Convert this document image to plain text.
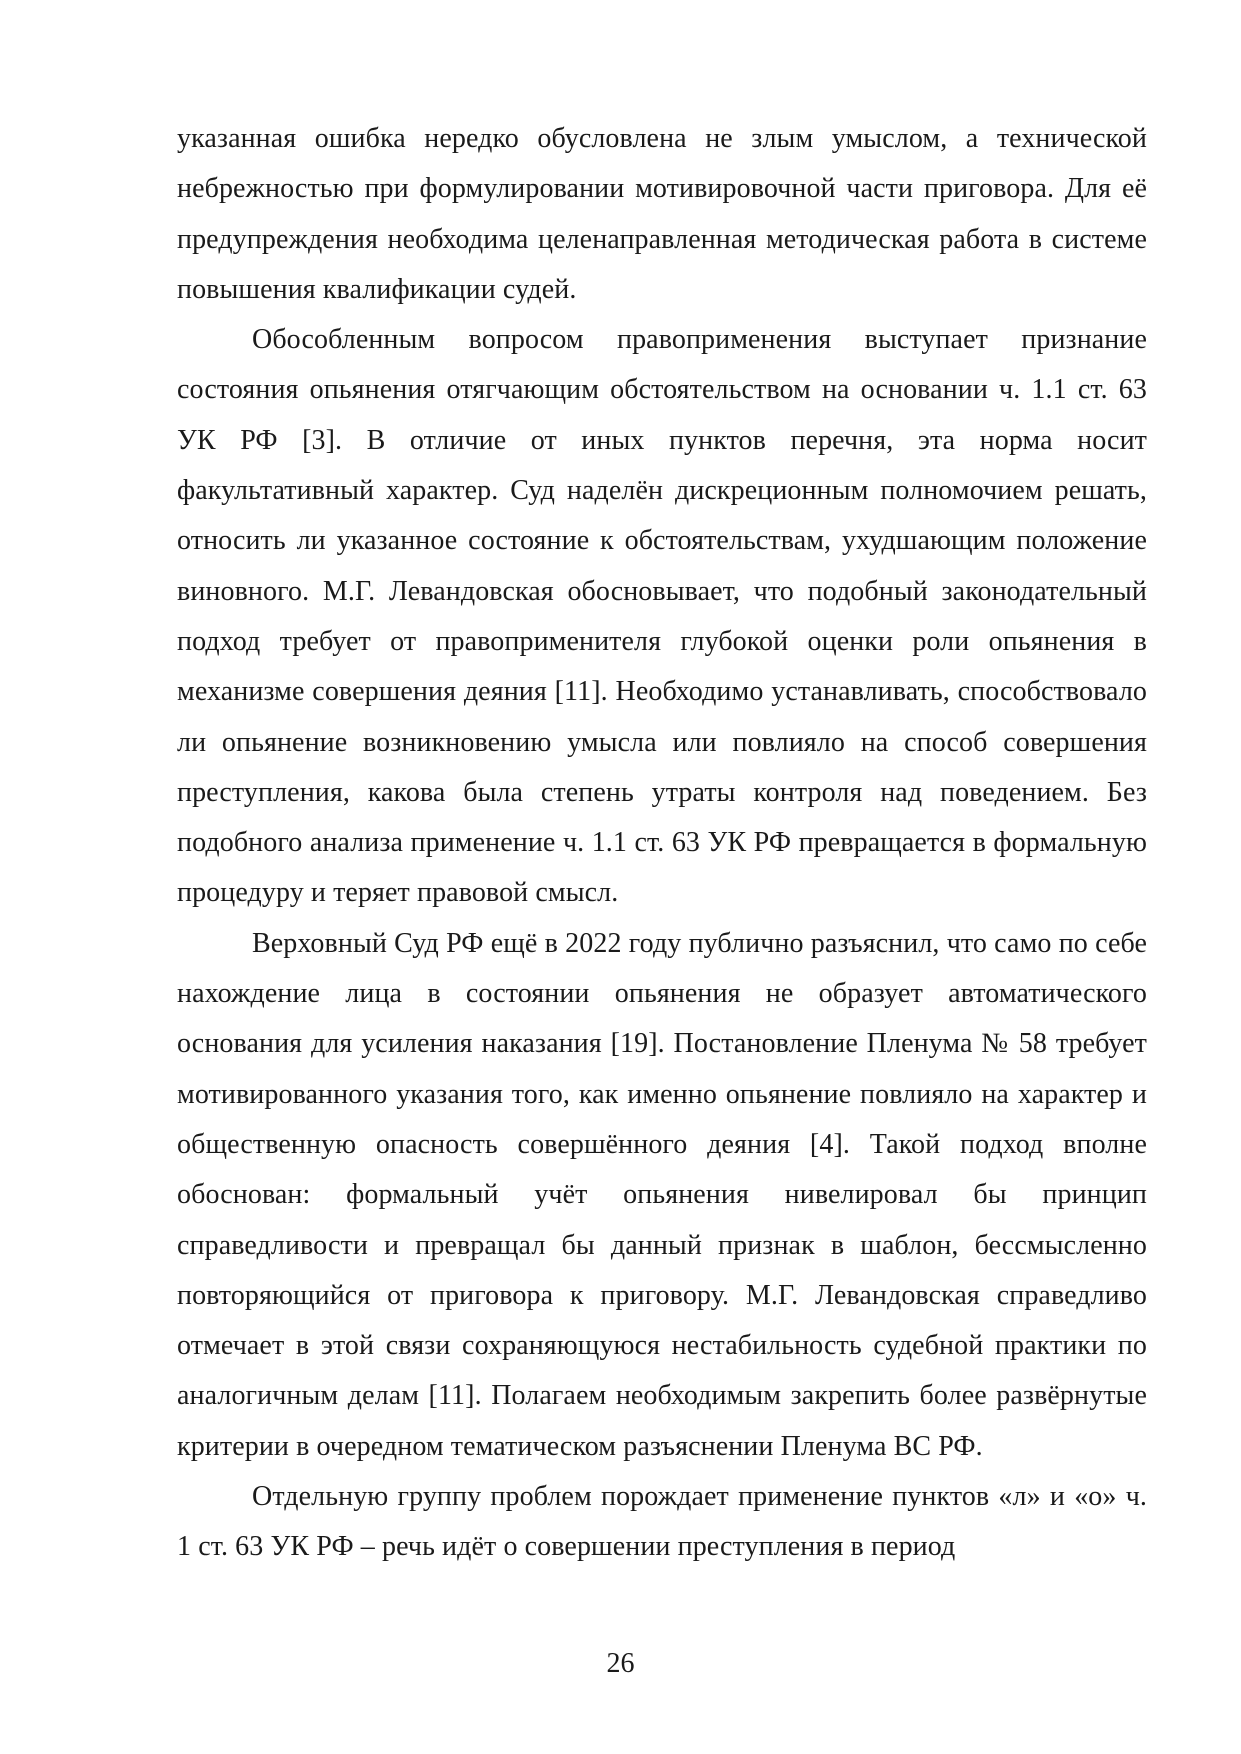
указанная ошибка нередко обусловлена не злым умыслом, а технической небрежностью при формулировании мотивировочной части приговора. Для её предупреждения необходима целенаправленная методическая работа в системе повышения квалификации судей.

Обособленным вопросом правоприменения выступает признание состояния опьянения отягчающим обстоятельством на основании ч. 1.1 ст. 63 УК РФ [3]. В отличие от иных пунктов перечня, эта норма носит факультативный характер. Суд наделён дискреционным полномочием решать, относить ли указанное состояние к обстоятельствам, ухудшающим положение виновного. М.Г. Левандовская обосновывает, что подобный законодательный подход требует от правоприменителя глубокой оценки роли опьянения в механизме совершения деяния [11]. Необходимо устанавливать, способствовало ли опьянение возникновению умысла или повлияло на способ совершения преступления, какова была степень утраты контроля над поведением. Без подобного анализа применение ч. 1.1 ст. 63 УК РФ превращается в формальную процедуру и теряет правовой смысл.

Верховный Суд РФ ещё в 2022 году публично разъяснил, что само по себе нахождение лица в состоянии опьянения не образует автоматического основания для усиления наказания [19]. Постановление Пленума № 58 требует мотивированного указания того, как именно опьянение повлияло на характер и общественную опасность совершённого деяния [4]. Такой подход вполне обоснован: формальный учёт опьянения нивелировал бы принцип справедливости и превращал бы данный признак в шаблон, бессмысленно повторяющийся от приговора к приговору. М.Г. Левандовская справедливо отмечает в этой связи сохраняющуюся нестабильность судебной практики по аналогичным делам [11]. Полагаем необходимым закрепить более развёрнутые критерии в очередном тематическом разъяснении Пленума ВС РФ.

Отдельную группу проблем порождает применение пунктов «л» и «о» ч. 1 ст. 63 УК РФ – речь идёт о совершении преступления в период

26
